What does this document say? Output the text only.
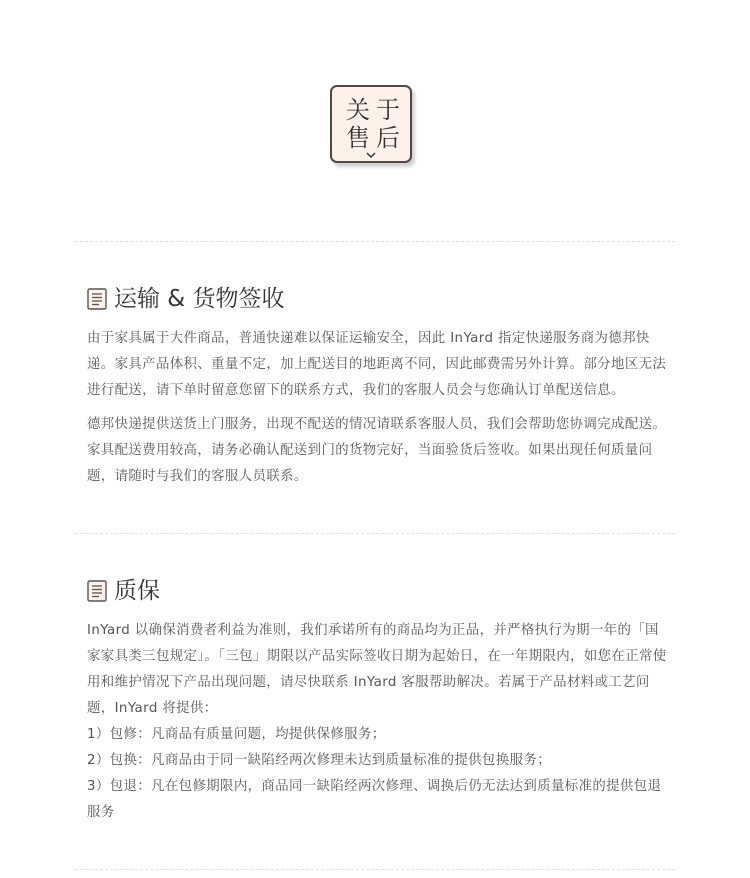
关于
售后
运输 & 货物签收

由于家具属于大件商品，普通快递难以保证运输安全，因此 InYard 指定快递服务商为德邦快递。家具产品体积、重量不定，加上配送目的地距离不同，因此邮费需另外计算。部分地区无法进行配送，请下单时留意您留下的联系方式，我们的客服人员会与您确认订单配送信息。

德邦快递提供送货上门服务，出现不配送的情况请联系客服人员，我们会帮助您协调完成配送。家具配送费用较高，请务必确认配送到门的货物完好，当面验货后签收。如果出现任何质量问题，请随时与我们的客服人员联系。

质保

InYard 以确保消费者利益为准则，我们承诺所有的商品均为正品，并严格执行为期一年的「国家家具类三包规定」。「三包」期限以产品实际签收日期为起始日，在一年期限内，如您在正常使用和维护情况下产品出现问题，请尽快联系 InYard 客服帮助解决。若属于产品材料或工艺问题，InYard 将提供：

1）包修：凡商品有质量问题，均提供保修服务；

2）包换：凡商品由于同一缺陷经两次修理未达到质量标准的提供包换服务；

3）包退：凡在包修期限内，商品同一缺陷经两次修理、调换后仍无法达到质量标准的提供包退服务
